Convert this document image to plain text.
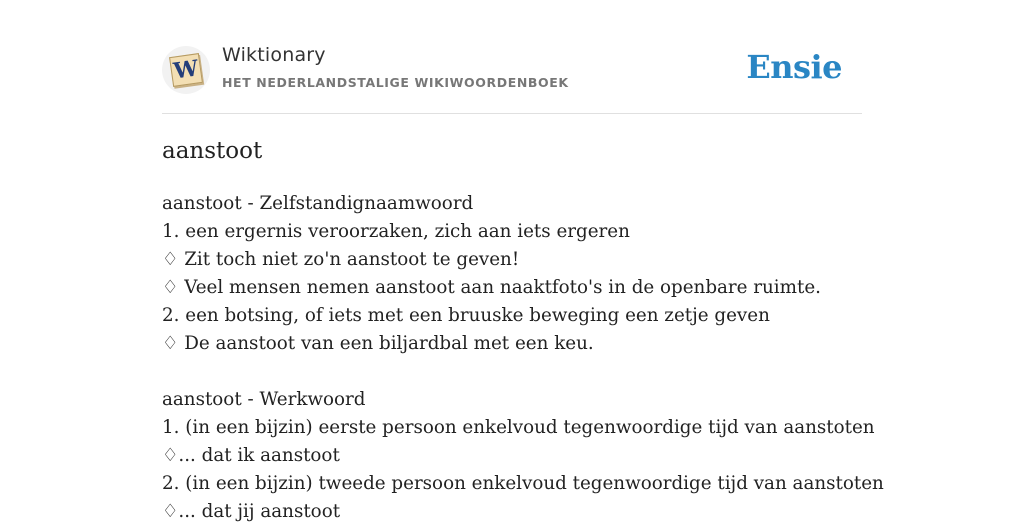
W
Wiktionary
HET NEDERLANDSTALIGE WIKIWOORDENBOEK	Ensie
aanstoot
aanstoot - Zelfstandignaamwoord
1. een ergernis veroorzaken, zich aan iets ergeren
♢ Zit toch niet zo'n aanstoot te geven!
♢ Veel mensen nemen aanstoot aan naaktfoto's in de openbare ruimte.
2. een botsing, of iets met een bruuske beweging een zetje geven
♢ De aanstoot van een biljardbal met een keu.
aanstoot - Werkwoord
1. (in een bijzin) eerste persoon enkelvoud tegenwoordige tijd van aanstoten
♢... dat ik aanstoot
2. (in een bijzin) tweede persoon enkelvoud tegenwoordige tijd van aanstoten
♢... dat jij aanstoot
